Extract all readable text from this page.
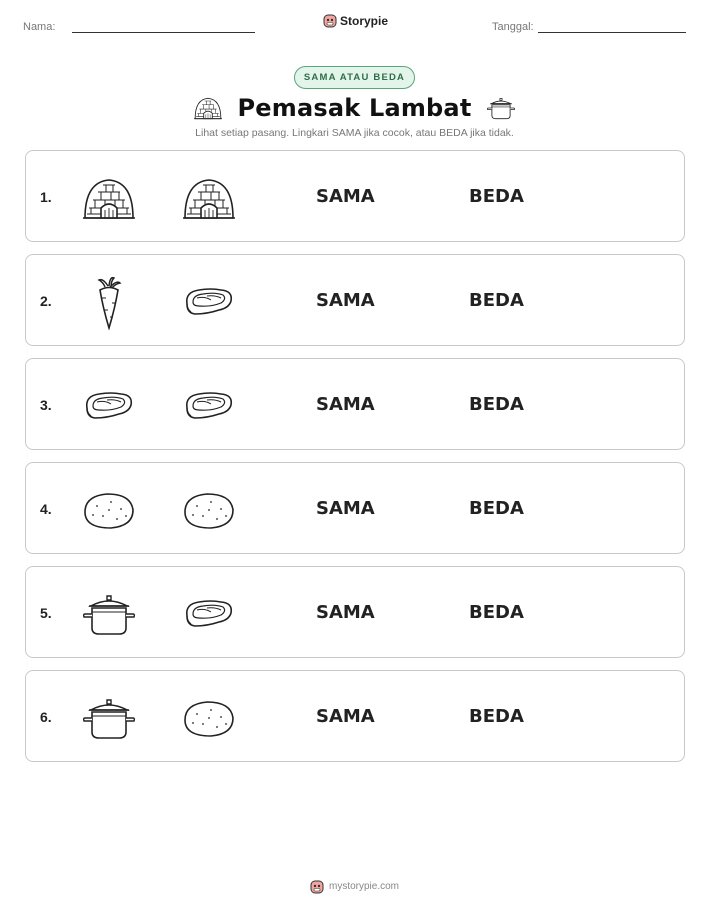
Nama:	Storypie	Tanggal:
SAMA ATAU BEDA
Pemasak Lambat
Lihat setiap pasang. Lingkari SAMA jika cocok, atau BEDA jika tidak.
1.	SAMA	BEDA
2.	SAMA	BEDA
3.	SAMA	BEDA
4.	SAMA	BEDA
5.	SAMA	BEDA
6.	SAMA	BEDA
mystorypie.com
